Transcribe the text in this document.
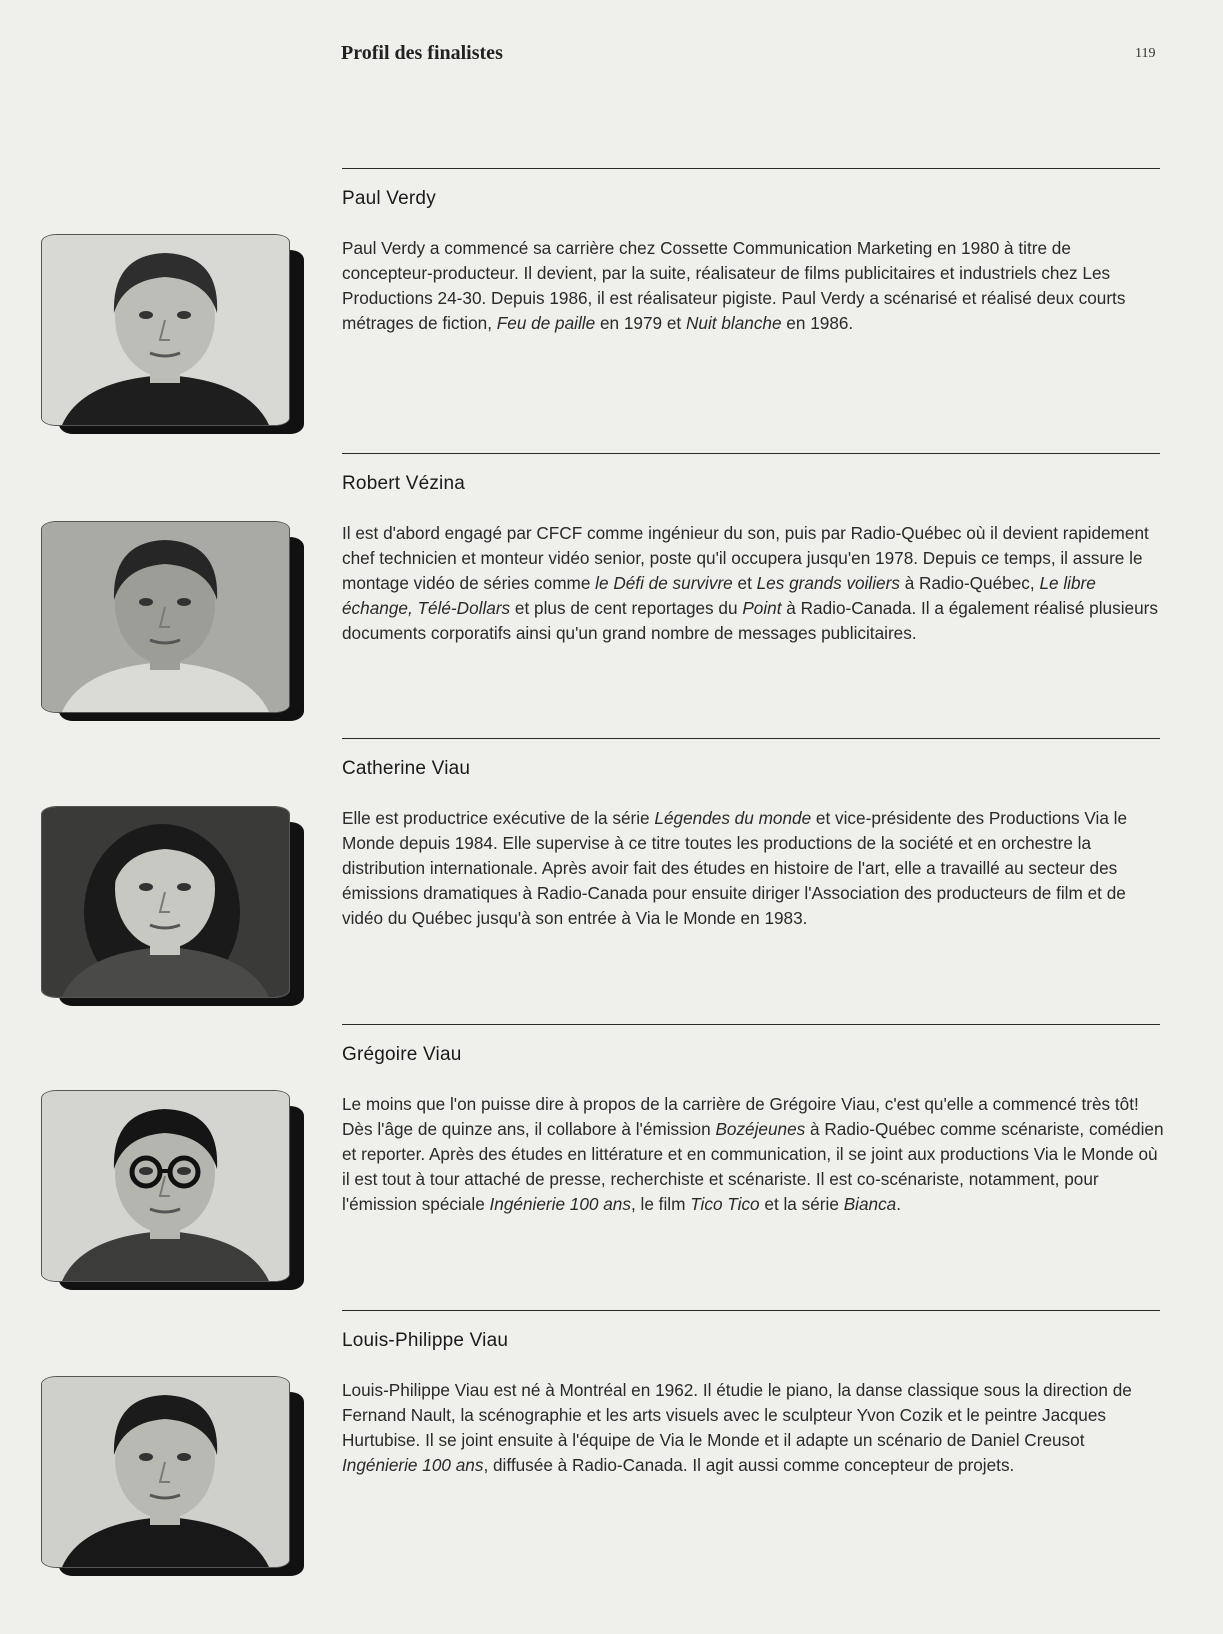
Profil des finalistes	119
Paul Verdy
Paul Verdy a commencé sa carrière chez Cossette Communication Marketing en 1980 à titre de concepteur-producteur. Il devient, par la suite, réalisateur de films publicitaires et industriels chez Les Productions 24-30. Depuis 1986, il est réalisateur pigiste. Paul Verdy a scénarisé et réalisé deux courts métrages de fiction, Feu de paille en 1979 et Nuit blanche en 1986.
Robert Vézina
Il est d'abord engagé par CFCF comme ingénieur du son, puis par Radio-Québec où il devient rapidement chef technicien et monteur vidéo senior, poste qu'il occupera jusqu'en 1978. Depuis ce temps, il assure le montage vidéo de séries comme le Défi de survivre et Les grands voiliers à Radio-Québec, Le libre échange, Télé-Dollars et plus de cent reportages du Point à Radio-Canada. Il a également réalisé plusieurs documents corporatifs ainsi qu'un grand nombre de messages publicitaires.
Catherine Viau
Elle est productrice exécutive de la série Légendes du monde et vice-présidente des Productions Via le Monde depuis 1984. Elle supervise à ce titre toutes les productions de la société et en orchestre la distribution internationale. Après avoir fait des études en histoire de l'art, elle a travaillé au secteur des émissions dramatiques à Radio-Canada pour ensuite diriger l'Association des producteurs de film et de vidéo du Québec jusqu'à son entrée à Via le Monde en 1983.
Grégoire Viau
Le moins que l'on puisse dire à propos de la carrière de Grégoire Viau, c'est qu'elle a commencé très tôt! Dès l'âge de quinze ans, il collabore à l'émission Bozéjeunes à Radio-Québec comme scénariste, comédien et reporter. Après des études en littérature et en communication, il se joint aux productions Via le Monde où il est tout à tour attaché de presse, recherchiste et scénariste. Il est co-scénariste, notamment, pour l'émission spéciale Ingénierie 100 ans, le film Tico Tico et la série Bianca.
Louis-Philippe Viau
Louis-Philippe Viau est né à Montréal en 1962. Il étudie le piano, la danse classique sous la direction de Fernand Nault, la scénographie et les arts visuels avec le sculpteur Yvon Cozik et le peintre Jacques Hurtubise. Il se joint ensuite à l'équipe de Via le Monde et il adapte un scénario de Daniel Creusot Ingénierie 100 ans, diffusée à Radio-Canada. Il agit aussi comme concepteur de projets.
